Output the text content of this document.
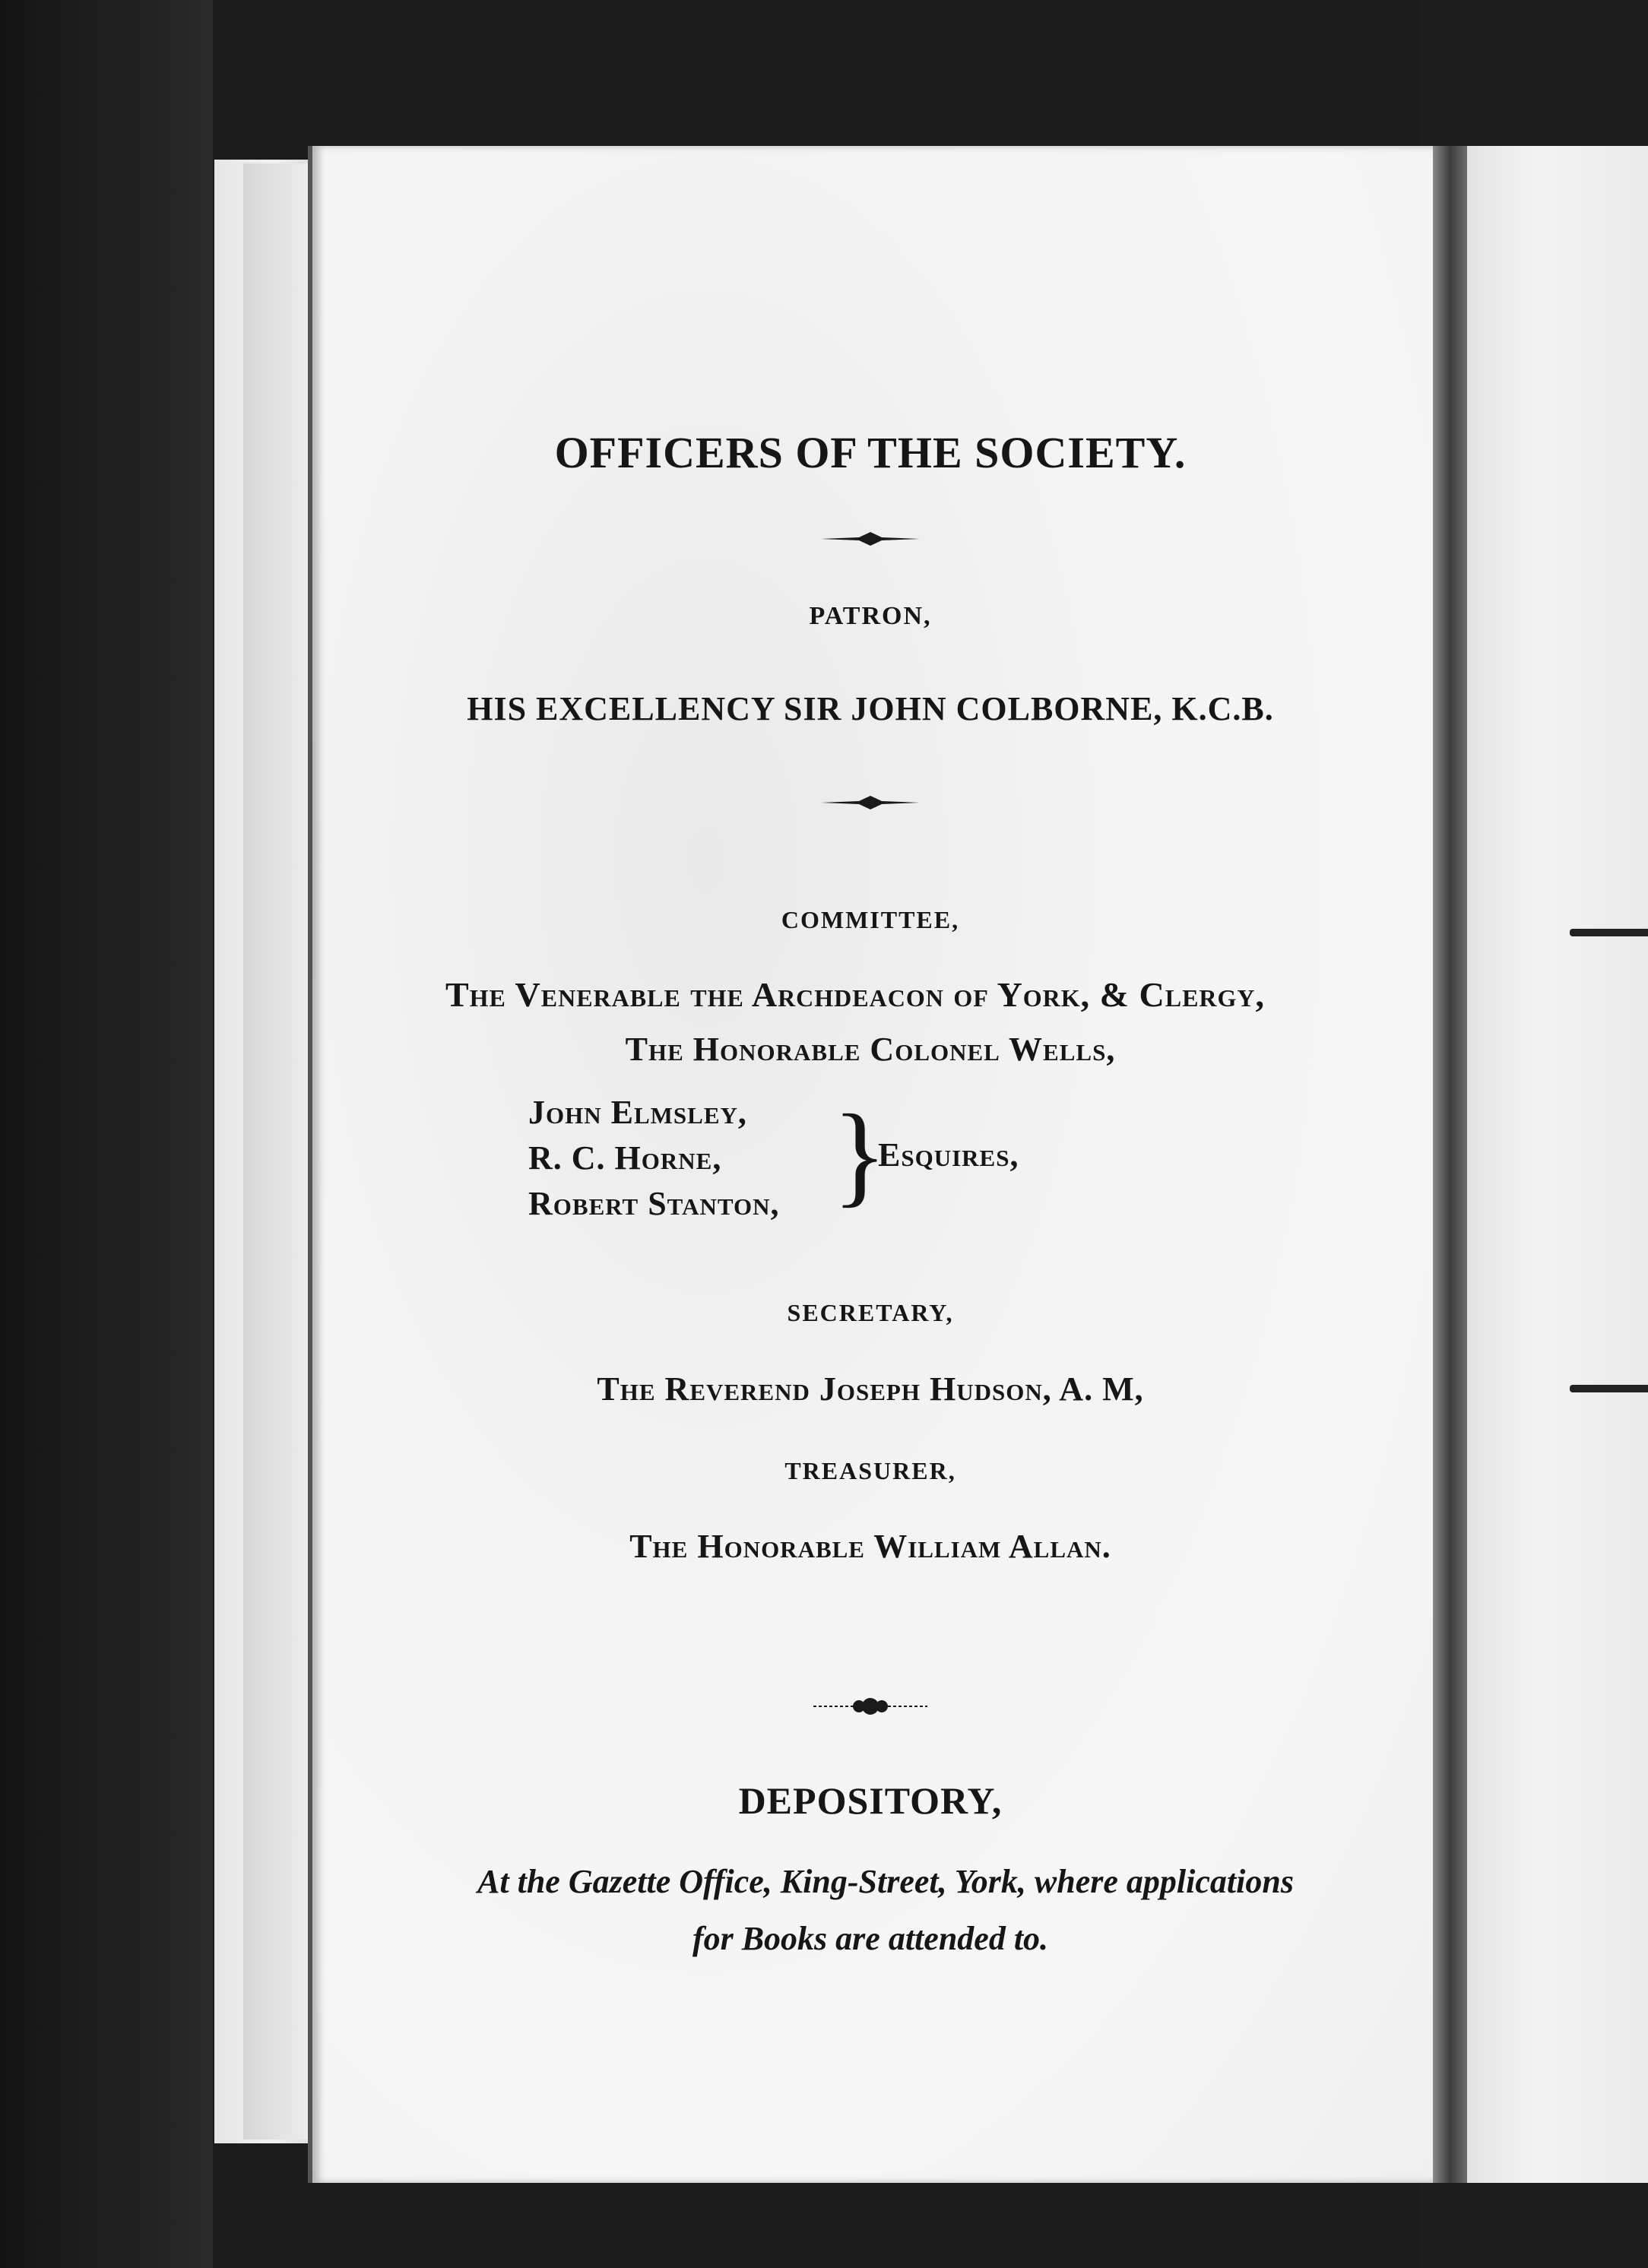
OFFICERS OF THE SOCIETY.
PATRON,
HIS EXCELLENCY SIR JOHN COLBORNE, K.C.B.
COMMITTEE,
The Venerable the Archdeacon of York, & Clergy,
The Honorable Colonel Wells,
John Elmsley,
R. C. Horne,
Robert Stanton, }
Esquires,
SECRETARY,
The Reverend Joseph Hudson, A. M,
TREASURER,
The Honorable William Allan.
DEPOSITORY,
At the Gazette Office, King-Street, York, where applications
for Books are attended to.
